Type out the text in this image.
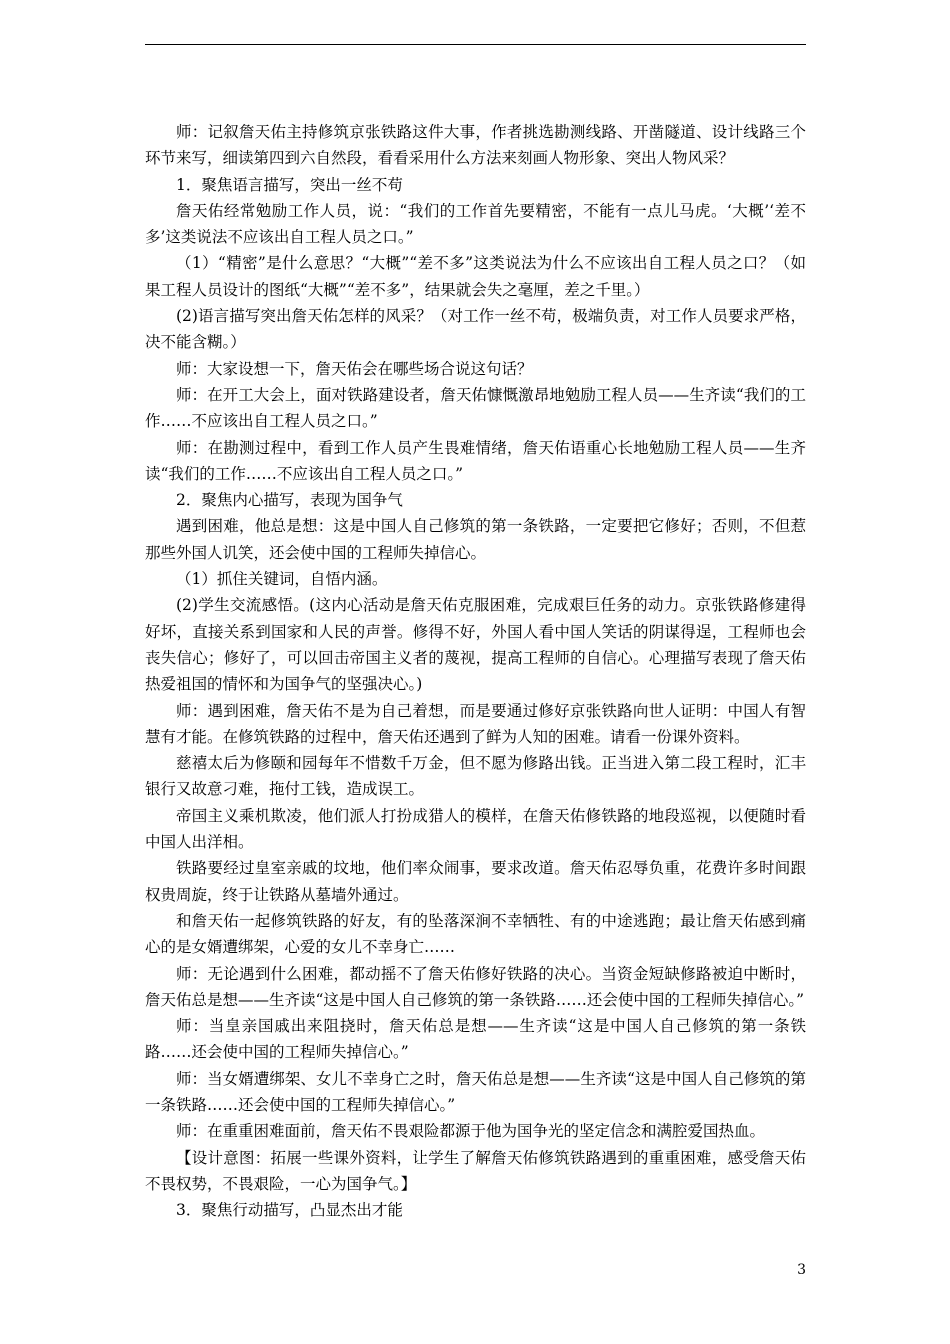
师：记叙詹天佑主持修筑京张铁路这件大事，作者挑选勘测线路、开凿隧道、设计线路三个环节来写，细读第四到六自然段，看看采用什么方法来刻画人物形象、突出人物风采？

1．聚焦语言描写，突出一丝不苟

詹天佑经常勉励工作人员，说：“我们的工作首先要精密，不能有一点儿马虎。‘大概’‘差不多’这类说法不应该出自工程人员之口。”

（1）“精密”是什么意思？“大概”“差不多”这类说法为什么不应该出自工程人员之口？（如果工程人员设计的图纸“大概”“差不多”，结果就会失之毫厘，差之千里。）

(2)语言描写突出詹天佑怎样的风采？（对工作一丝不苟，极端负责，对工作人员要求严格，决不能含糊。）

师：大家设想一下，詹天佑会在哪些场合说这句话？

师：在开工大会上，面对铁路建设者，詹天佑慷慨激昂地勉励工程人员——生齐读“我们的工作……不应该出自工程人员之口。”

师：在勘测过程中，看到工作人员产生畏难情绪，詹天佑语重心长地勉励工程人员——生齐读“我们的工作……不应该出自工程人员之口。”

2．聚焦内心描写，表现为国争气

遇到困难，他总是想：这是中国人自己修筑的第一条铁路，一定要把它修好；否则，不但惹那些外国人讥笑，还会使中国的工程师失掉信心。

（1）抓住关键词，自悟内涵。

(2)学生交流感悟。(这内心活动是詹天佑克服困难，完成艰巨任务的动力。京张铁路修建得好坏，直接关系到国家和人民的声誉。修得不好，外国人看中国人笑话的阴谋得逞，工程师也会丧失信心；修好了，可以回击帝国主义者的蔑视，提高工程师的自信心。心理描写表现了詹天佑热爱祖国的情怀和为国争气的坚强决心。)

师：遇到困难，詹天佑不是为自己着想，而是要通过修好京张铁路向世人证明：中国人有智慧有才能。在修筑铁路的过程中，詹天佑还遇到了鲜为人知的困难。请看一份课外资料。

慈禧太后为修颐和园每年不惜数千万金，但不愿为修路出钱。正当进入第二段工程时，汇丰银行又故意刁难，拖付工钱，造成误工。

帝国主义乘机欺凌，他们派人打扮成猎人的模样，在詹天佑修铁路的地段巡视，以便随时看中国人出洋相。

铁路要经过皇室亲戚的坟地，他们率众闹事，要求改道。詹天佑忍辱负重，花费许多时间跟权贵周旋，终于让铁路从墓墙外通过。

和詹天佑一起修筑铁路的好友，有的坠落深涧不幸牺牲、有的中途逃跑；最让詹天佑感到痛心的是女婿遭绑架，心爱的女儿不幸身亡……

师：无论遇到什么困难，都动摇不了詹天佑修好铁路的决心。当资金短缺修路被迫中断时，詹天佑总是想——生齐读“这是中国人自己修筑的第一条铁路……还会使中国的工程师失掉信心。”

师：当皇亲国戚出来阻挠时，詹天佑总是想——生齐读“这是中国人自己修筑的第一条铁路……还会使中国的工程师失掉信心。”

师：当女婿遭绑架、女儿不幸身亡之时，詹天佑总是想——生齐读“这是中国人自己修筑的第一条铁路……还会使中国的工程师失掉信心。”

师：在重重困难面前，詹天佑不畏艰险都源于他为国争光的坚定信念和满腔爱国热血。

【设计意图：拓展一些课外资料，让学生了解詹天佑修筑铁路遇到的重重困难，感受詹天佑不畏权势，不畏艰险，一心为国争气。】

3．聚焦行动描写，凸显杰出才能

3
